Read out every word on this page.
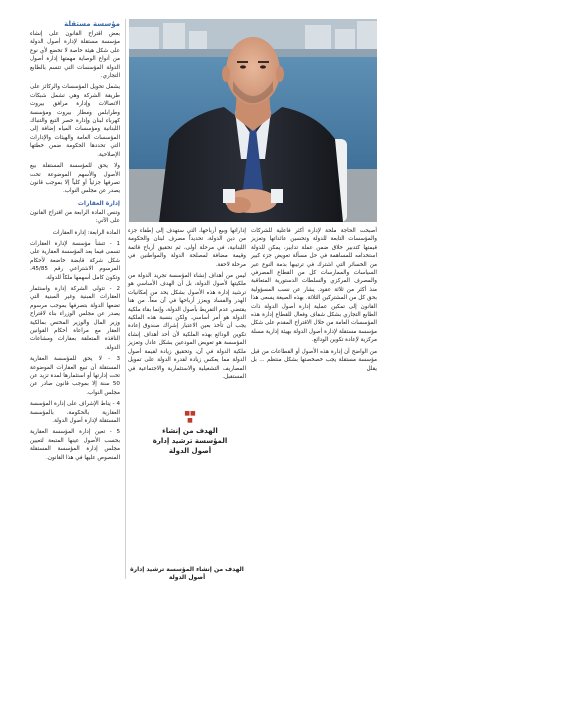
مؤسسة مستقلة

بعض اقتراح القانون على إنشاء مؤسسة مستقلة لإدارة أصول الدولة على شكل هيئة خاصة لا تخضع لأي نوع من أنواع الوصاية مهمتها إدارة أصول الدولة المؤسسات التي تتسم بالطابع التجاري.

يشمل تحويل المؤسسات والركائز على طريقة الشركة وهي تشمل شبكات الاتصالات وإدارة مرافق بيروت وطرابلس ومطار بيروت ومؤسسة كهرباء لبنان وإدارة حصر التبغ والتنباك اللبنانية ومؤسسات المياه إضافة إلى المؤسسات العامة والهيئات والإدارات التي تحددها الحكومة ضمن خطتها الإصلاحية.

ولا يحق للمؤسسة المستقلة بيع الأصول والأسهم الموضوعة تحت تصرفها جزئياً أو كلياً إلا بموجب قانون يصدر عن مجلس النواب.

إدارة العقارات

وتنص المادة الرابعة من اقتراح القانون على الآتي:

المادة الرابعة: إدارة العقارات

1 - تتشأ مؤسسة لإدارة العقارات تسمى فيما بعد المؤسسة العقارية على شكل شركة قابضة خاضعة لأحكام المرسوم الاشتراعي رقم 45/85، وتكون كامل أسهمها ملكاً للدولة.

2 - تتولى الشركة إدارة واستثمار العقارات المبنية وغير المبنية التي تضعها الدولة بتصرفها بموجب مرسوم يصدر عن مجلس الوزراء بناء لاقتراح وزير المال والوزير المختص بمالكية العقار مع مراعاة أحكام القوانين النافذة المتعلقة بعقارات ومشاعات الدولة.

3 - لا يحق للمؤسسة العقارية المستقلة أن تبيع العقارات الموضوعة تحت إدارتها أو استثمارها لمدة تزيد عن 50 سنة إلا بموجب قانون صادر عن مجلس النواب.

4 - يناط الإشراف على إدارة المؤسسة العقارية بالحكومة، بالمؤسسة المستقلة لإدارة أصول الدولة.

5 - تعين إدارة المؤسسة العقارية بحسب الأصول عينها المتبعة لتعيين مجلس إدارة المؤسسة المستقلة المنصوص عليها في هذا القانون.

إداراتها وبيع أرباحها، التي ستهدف إلى إطفاء جزء من دين الدولة، تحديداً مصرف لبنان والحكومة اللبنانية، في مرحلة أولى، ثم تحقيق أرباح قائمة وقيمة مضافة لمصلحة الدولة والمواطنين في مرحلة لاحقة.

ليس من أهداف إنشاء المؤسسة تجريد الدولة من ملكيتها لأصول الدولة، بل أن الهدف الأساسي هو ترشيد إدارة هذه الأصول بشكل يحد من إمكانيات الهدر والفساد ويعزز أرباحها في آن معاً. من هنا يقتضي عدم التفريط بأصول الدولة، وإنما بقاء ملكية الدولة هو أمر أساسي. ولكن بنسبة هذه الملكية يجب أن تأخذ بعين الاعتبار إشراك صندوق إعادة تكوين الودائع بهذه الملكية لأن أحد أهداف إنشاء المؤسسة هو تعويض المودعين بشكل عادل وتعزيز ملكية الدولة في آن، وتحقيق زيادة لقيمة أصول الدولة مما يعكس زيادة لقدرة الدولة على تمويل المصاريف التشغيلية والاستثمارية والاجتماعية في المستقبل.

■■
■
الهدف من إنشاء المؤسسة ترشيد إدارة أصول الدولة
الهدف من إنشاء المؤسسة ترشيد إدارة أصول الدولة

أصبحت الحاجة ملحة لإدارة أكثر فاعلية للشركات والمؤسسات التابعة للدولة وتحسين عائداتها وتعزيز قيمتها كتدبير خلاق ضمن عملة تدابير، يمكن للدولة استخدامه للمساهمة في حل مسألة تعويض جزء كبير من الخسائر التي اشترك في ترتيبها بدمة النوع عبر السياسات والممارسات كل من القطاع المصرفي والمصرف المركزي والسلطات الدستورية المتعاقبة منذ أكثر من ثلاثة عقود. يشار عن نسب المسؤولية بحق كل من المشتركين الثلاثة. بهذه الصيغة يسعى هذا القانون إلى تمكين عملية إدارة أصول الدولة ذات الطابع التجاري بشكل شفاف وفعال للقطاع إدارة هذه المؤسسات العامة من خلال الاقتراح المقدم على شكل مؤسسة مستقلة لإدارة أصول الدولة بهيئة إدارية مسلة مركزية لإعادة تكوين الودائع.

من الواضح أن إدارة هذه الأصول أو القطاعات من قبل مؤسسة مستقلة يجب خصخصتها بشكل منتظم ... بل يقلل
